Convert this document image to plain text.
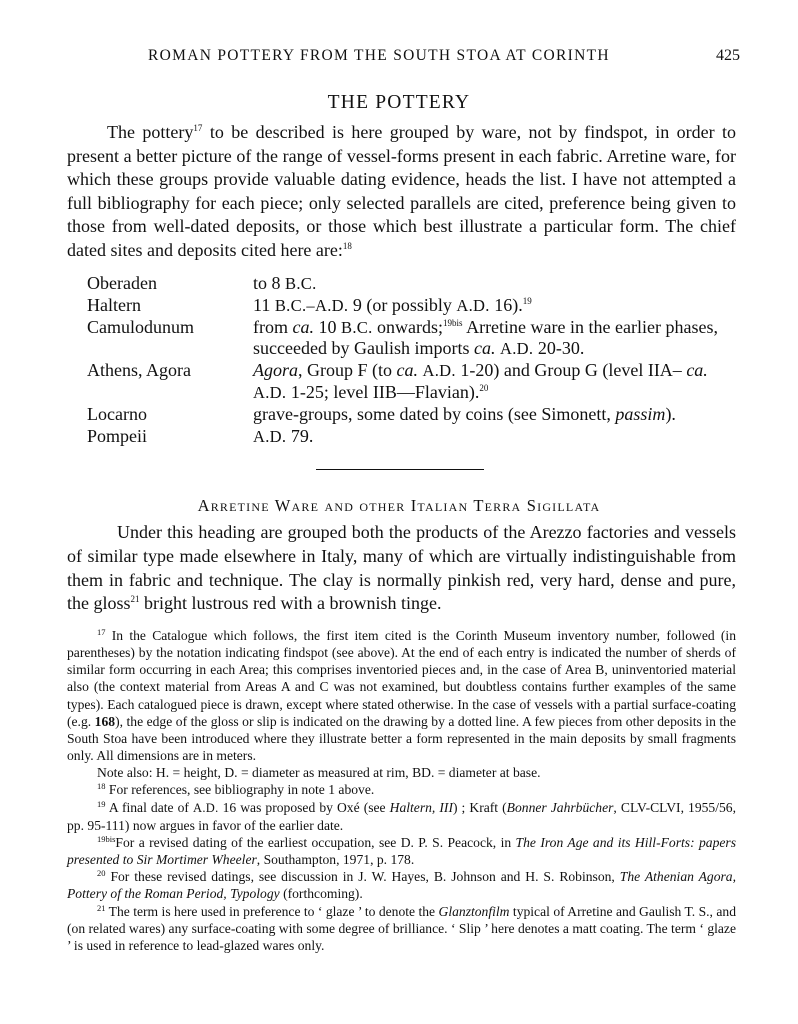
ROMAN POTTERY FROM THE SOUTH STOA AT CORINTH	425
THE POTTERY

The pottery$^{17}$ to be described is here grouped by ware, not by findspot, in order to present a better picture of the range of vessel-forms present in each fabric. Arretine ware, for which these groups provide valuable dating evidence, heads the list. I have not attempted a full bibliography for each piece; only selected parallels are cited, preference being given to those from well-dated deposits, or those which best illustrate a particular form. The chief dated sites and deposits cited here are:$^{18}$

Oberaden	to 8 B.C.
Haltern	11 B.C.–A.D. 9 (or possibly A.D. 16).$^{19}$
Camulodunum	from ca. 10 B.C. onwards;$^{19bis}$ Arretine ware in the earlier phases, succeeded by Gaulish imports ca. A.D. 20-30.
Athens, Agora	Agora, Group F (to ca. A.D. 1-20) and Group G (level IIA– ca. A.D. 1-25; level IIB—Flavian).$^{20}$
Locarno	grave-groups, some dated by coins (see Simonett, passim).
Pompeii	A.D. 79.
Arretine Ware and other Italian Terra Sigillata

Under this heading are grouped both the products of the Arezzo factories and vessels of similar type made elsewhere in Italy, many of which are virtually indistinguishable from them in fabric and technique. The clay is normally pinkish red, very hard, dense and pure, the gloss$^{21}$ bright lustrous red with a brownish tinge.

$^{17}$ In the Catalogue which follows, the first item cited is the Corinth Museum inventory number, followed (in parentheses) by the notation indicating findspot (see above). At the end of each entry is indicated the number of sherds of similar form occurring in each Area; this comprises inventoried pieces and, in the case of Area B, uninventoried material also (the context material from Areas A and C was not examined, but doubtless contains further examples of the same types). Each catalogued piece is drawn, except where stated otherwise. In the case of vessels with a partial surface-coating (e.g. 168), the edge of the gloss or slip is indicated on the drawing by a dotted line. A few pieces from other deposits in the South Stoa have been introduced where they illustrate better a form represented in the main deposits by small fragments only. All dimensions are in meters.

Note also: H. = height, D. = diameter as measured at rim, BD. = diameter at base.

$^{18}$ For references, see bibliography in note 1 above.

$^{19}$ A final date of A.D. 16 was proposed by Oxé (see Haltern, III) ; Kraft (Bonner Jahrbücher, CLV-CLVI, 1955/56, pp. 95-111) now argues in favor of the earlier date.

$^{19bis}$For a revised dating of the earliest occupation, see D. P. S. Peacock, in The Iron Age and its Hill-Forts: papers presented to Sir Mortimer Wheeler, Southampton, 1971, p. 178.

$^{20}$ For these revised datings, see discussion in J. W. Hayes, B. Johnson and H. S. Robinson, The Athenian Agora, Pottery of the Roman Period, Typology (forthcoming).

$^{21}$ The term is here used in preference to ‘ glaze ’ to denote the Glanztonfilm typical of Arretine and Gaulish T. S., and (on related wares) any surface-coating with some degree of brilliance. ‘ Slip ’ here denotes a matt coating. The term ‘ glaze ’ is used in reference to lead-glazed wares only.
